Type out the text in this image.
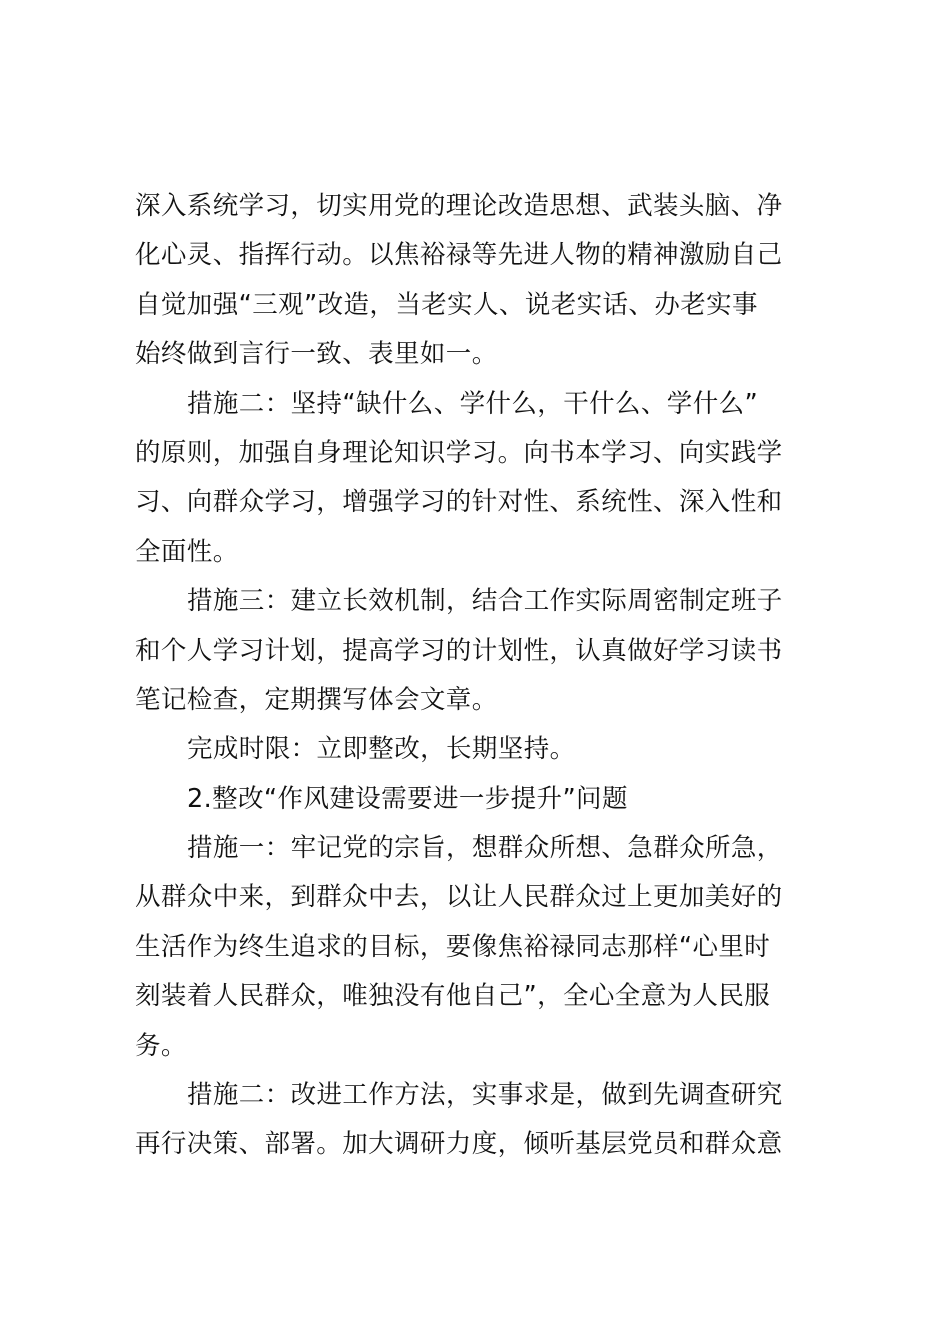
深入系统学习，切实用党的理论改造思想、武装头脑、净
化心灵、指挥行动。以焦裕禄等先进人物的精神激励自己
自觉加强“三观”改造，当老实人、说老实话、办老实事
始终做到言行一致、表里如一。
措施二：坚持“缺什么、学什么，干什么、学什么”
的原则，加强自身理论知识学习。向书本学习、向实践学
习、向群众学习，增强学习的针对性、系统性、深入性和
全面性。
措施三：建立长效机制，结合工作实际周密制定班子
和个人学习计划，提高学习的计划性，认真做好学习读书
笔记检查，定期撰写体会文章。
完成时限：立即整改，长期坚持。
2.整改“作风建设需要进一步提升”问题
措施一：牢记党的宗旨，想群众所想、急群众所急，
从群众中来，到群众中去，以让人民群众过上更加美好的
生活作为终生追求的目标，要像焦裕禄同志那样“心里时
刻装着人民群众，唯独没有他自己”，全心全意为人民服
务。
措施二：改进工作方法，实事求是，做到先调查研究
再行决策、部署。加大调研力度，倾听基层党员和群众意
